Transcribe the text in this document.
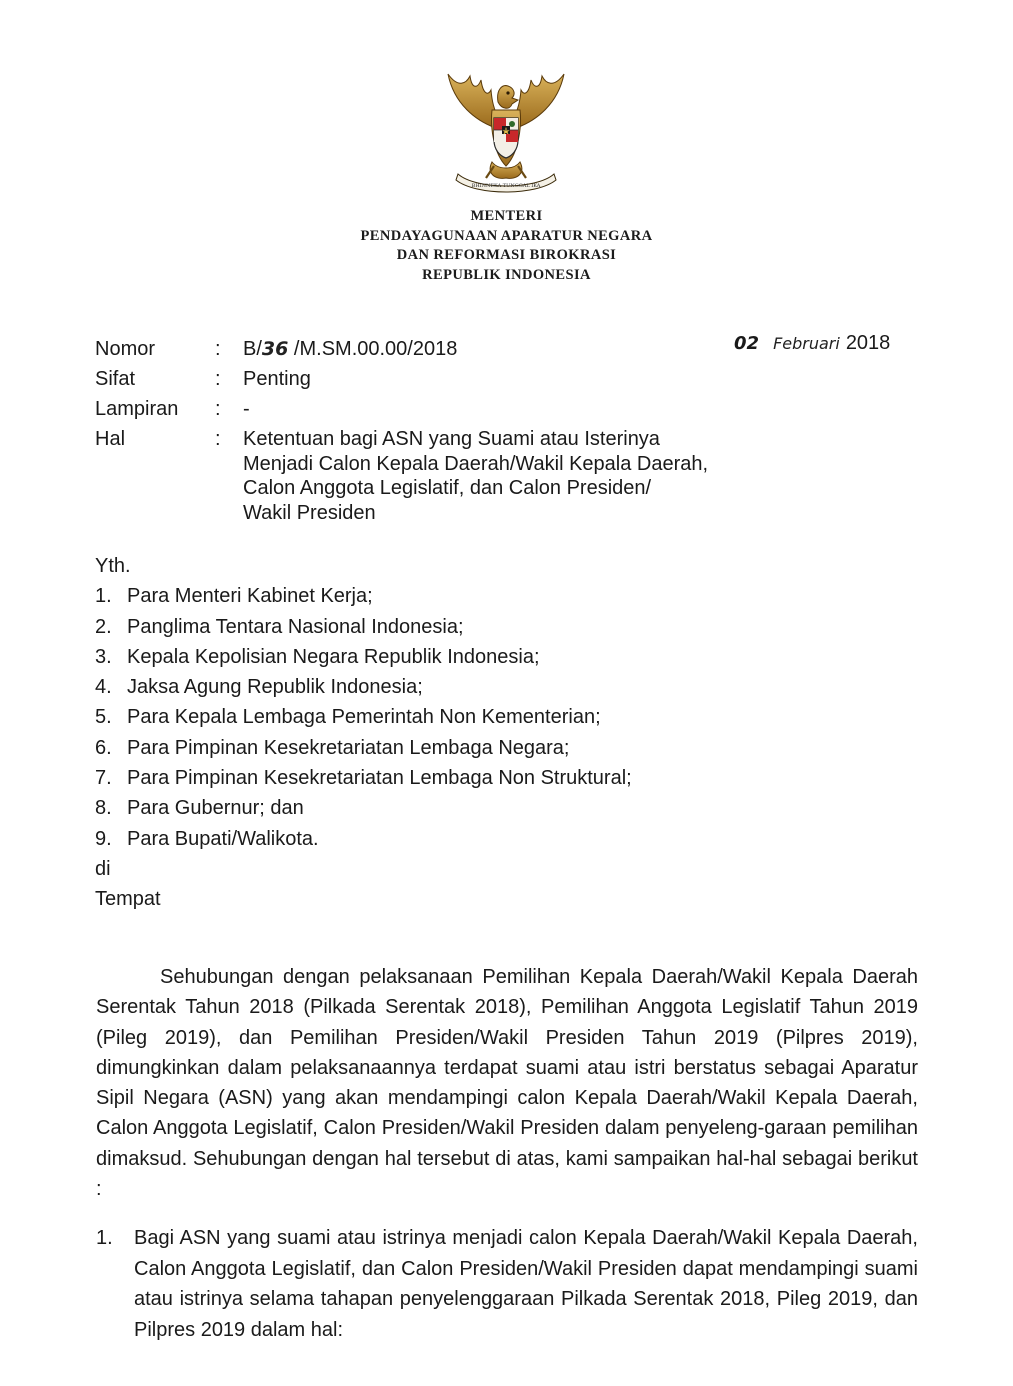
BHINNEKA TUNGGAL IKA
MENTERI
PENDAYAGUNAAN APARATUR NEGARA
DAN REFORMASI BIROKRASI
REPUBLIK INDONESIA
02 Februari 2018
Nomor	:	B/36 /M.SM.00.00/2018
Sifat	:	Penting
Lampiran	:	-
Hal	:	Ketentuan bagi ASN yang Suami atau Isterinya
Menjadi Calon Kepala Daerah/Wakil Kepala Daerah,
Calon Anggota Legislatif, dan Calon Presiden/
Wakil Presiden
Yth.
1. Para Menteri Kabinet Kerja;
2. Panglima Tentara Nasional Indonesia;
3. Kepala Kepolisian Negara Republik Indonesia;
4. Jaksa Agung Republik Indonesia;
5. Para Kepala Lembaga Pemerintah Non Kementerian;
6. Para Pimpinan Kesekretariatan Lembaga Negara;
7. Para Pimpinan Kesekretariatan Lembaga Non Struktural;
8. Para Gubernur; dan
9. Para Bupati/Walikota.
di
Tempat

Sehubungan dengan pelaksanaan Pemilihan Kepala Daerah/Wakil Kepala Daerah Serentak Tahun 2018 (Pilkada Serentak 2018), Pemilihan Anggota Legislatif Tahun 2019 (Pileg 2019), dan Pemilihan Presiden/Wakil Presiden Tahun 2019 (Pilpres 2019), dimungkinkan dalam pelaksanaannya terdapat suami atau istri berstatus sebagai Aparatur Sipil Negara (ASN) yang akan mendampingi calon Kepala Daerah/Wakil Kepala Daerah, Calon Anggota Legislatif, Calon Presiden/Wakil Presiden dalam penyeleng-garaan pemilihan dimaksud. Sehubungan dengan hal tersebut di atas, kami sampaikan hal-hal sebagai berikut :

1.	Bagi ASN yang suami atau istrinya menjadi calon Kepala Daerah/Wakil Kepala Daerah, Calon Anggota Legislatif, dan Calon Presiden/Wakil Presiden dapat mendampingi suami atau istrinya selama tahapan penyelenggaraan Pilkada Serentak 2018, Pileg 2019, dan Pilpres 2019 dalam hal:
